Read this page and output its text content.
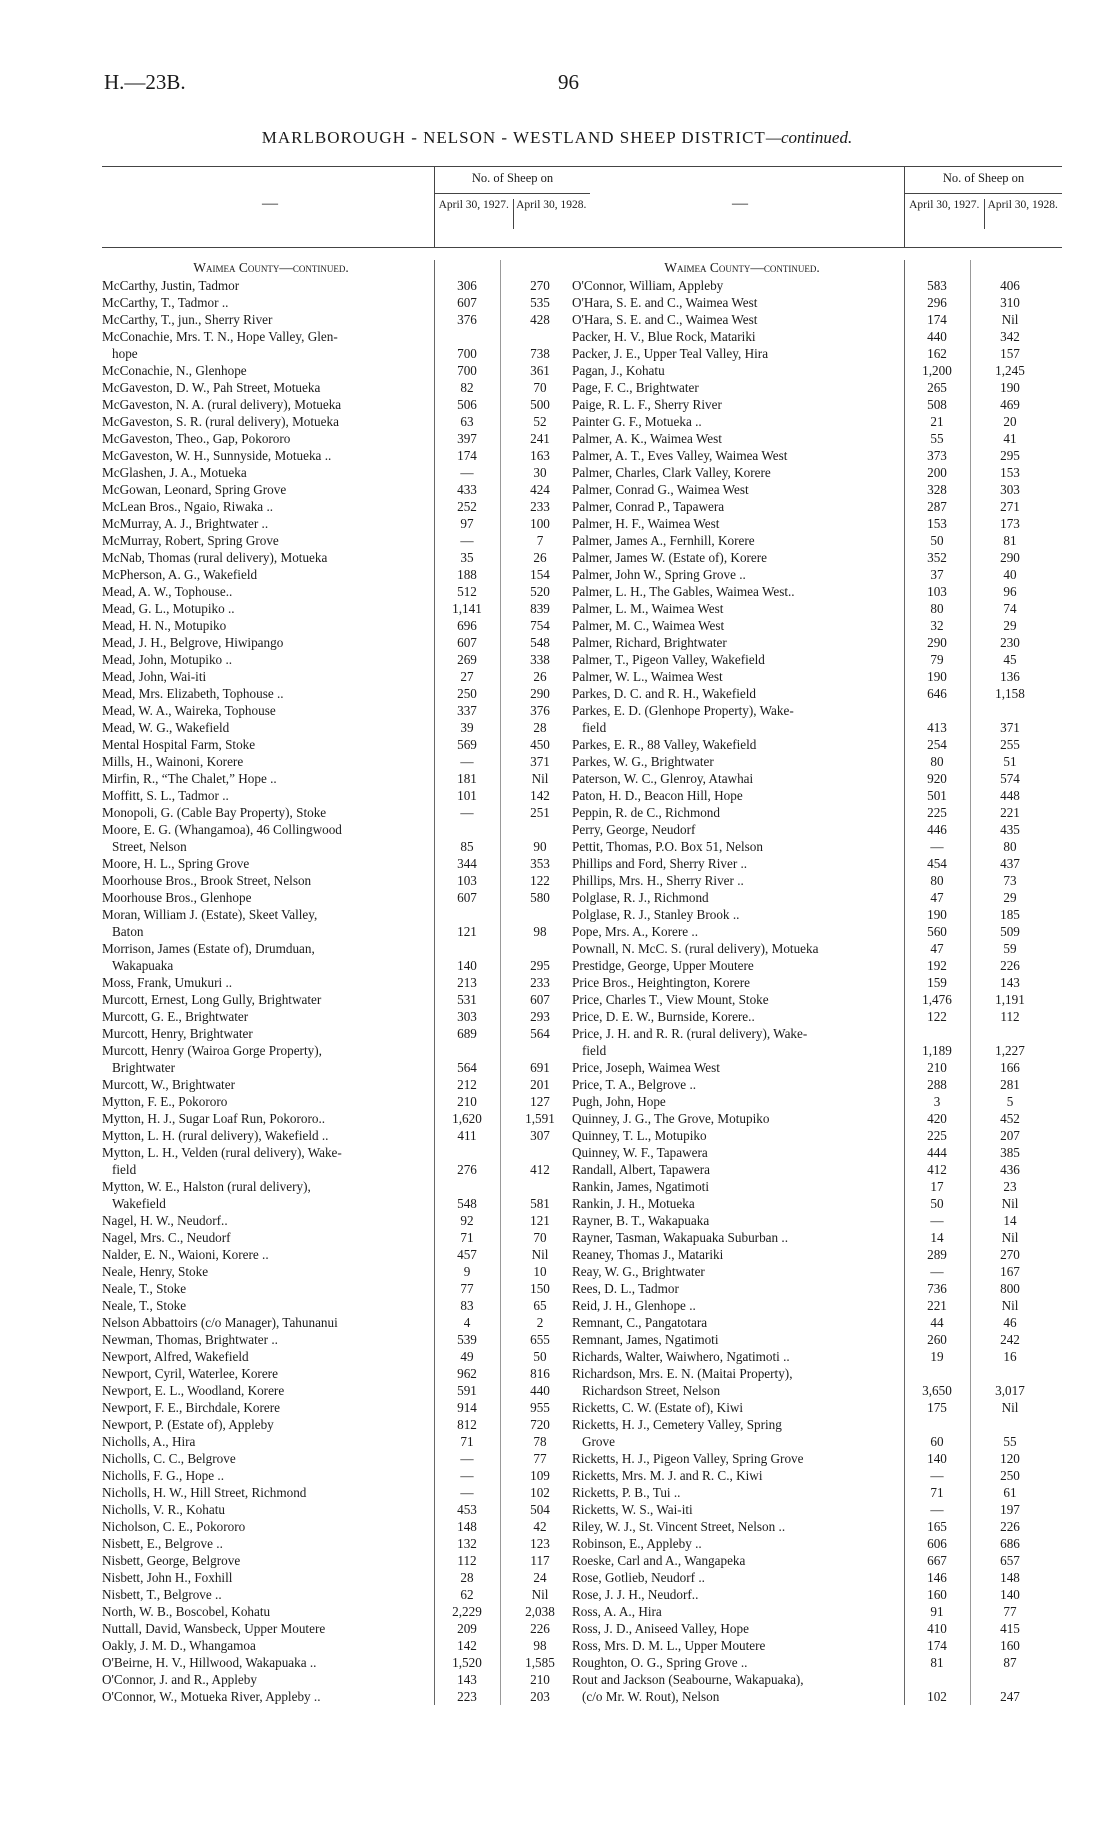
H.—23B.	96
MARLBOROUGH - NELSON - WESTLAND SHEEP DISTRICT—continued.
—
No. of Sheep on
April 30, 1927. April 30, 1928.
Waimea County—continued.
McCarthy, Justin, Tadmor	306	270
McCarthy, T., Tadmor ..	607	535
McCarthy, T., jun., Sherry River	376	428
McConachie, Mrs. T. N., Hope Valley, Glen-
hope	700	738
McConachie, N., Glenhope	700	361
McGaveston, D. W., Pah Street, Motueka	82	70
McGaveston, N. A. (rural delivery), Motueka	506	500
McGaveston, S. R. (rural delivery), Motueka	63	52
McGaveston, Theo., Gap, Pokororo	397	241
McGaveston, W. H., Sunnyside, Motueka ..	174	163
McGlashen, J. A., Motueka	—	30
McGowan, Leonard, Spring Grove	433	424
McLean Bros., Ngaio, Riwaka ..	252	233
McMurray, A. J., Brightwater ..	97	100
McMurray, Robert, Spring Grove	—	7
McNab, Thomas (rural delivery), Motueka	35	26
McPherson, A. G., Wakefield	188	154
Mead, A. W., Tophouse..	512	520
Mead, G. L., Motupiko ..	1,141	839
Mead, H. N., Motupiko	696	754
Mead, J. H., Belgrove, Hiwipango	607	548
Mead, John, Motupiko ..	269	338
Mead, John, Wai-iti	27	26
Mead, Mrs. Elizabeth, Tophouse ..	250	290
Mead, W. A., Waireka, Tophouse	337	376
Mead, W. G., Wakefield	39	28
Mental Hospital Farm, Stoke	569	450
Mills, H., Wainoni, Korere	—	371
Mirfin, R., “The Chalet,” Hope ..	181	Nil
Moffitt, S. L., Tadmor ..	101	142
Monopoli, G. (Cable Bay Property), Stoke	—	251
Moore, E. G. (Whangamoa), 46 Collingwood
Street, Nelson	85	90
Moore, H. L., Spring Grove	344	353
Moorhouse Bros., Brook Street, Nelson	103	122
Moorhouse Bros., Glenhope	607	580
Moran, William J. (Estate), Skeet Valley,
Baton	121	98
Morrison, James (Estate of), Drumduan,
Wakapuaka	140	295
Moss, Frank, Umukuri ..	213	233
Murcott, Ernest, Long Gully, Brightwater	531	607
Murcott, G. E., Brightwater	303	293
Murcott, Henry, Brightwater	689	564
Murcott, Henry (Wairoa Gorge Property),
Brightwater	564	691
Murcott, W., Brightwater	212	201
Mytton, F. E., Pokororo	210	127
Mytton, H. J., Sugar Loaf Run, Pokororo..	1,620	1,591
Mytton, L. H. (rural delivery), Wakefield ..	411	307
Mytton, L. H., Velden (rural delivery), Wake-
field	276	412
Mytton, W. E., Halston (rural delivery),
Wakefield	548	581
Nagel, H. W., Neudorf..	92	121
Nagel, Mrs. C., Neudorf	71	70
Nalder, E. N., Waioni, Korere ..	457	Nil
Neale, Henry, Stoke	9	10
Neale, T., Stoke	77	150
Neale, T., Stoke	83	65
Nelson Abbattoirs (c/o Manager), Tahunanui	4	2
Newman, Thomas, Brightwater ..	539	655
Newport, Alfred, Wakefield	49	50
Newport, Cyril, Waterlee, Korere	962	816
Newport, E. L., Woodland, Korere	591	440
Newport, F. E., Birchdale, Korere	914	955
Newport, P. (Estate of), Appleby	812	720
Nicholls, A., Hira	71	78
Nicholls, C. C., Belgrove	—	77
Nicholls, F. G., Hope ..	—	109
Nicholls, H. W., Hill Street, Richmond	—	102
Nicholls, V. R., Kohatu	453	504
Nicholson, C. E., Pokororo	148	42
Nisbett, E., Belgrove ..	132	123
Nisbett, George, Belgrove	112	117
Nisbett, John H., Foxhill	28	24
Nisbett, T., Belgrove ..	62	Nil
North, W. B., Boscobel, Kohatu	2,229	2,038
Nuttall, David, Wansbeck, Upper Moutere	209	226
Oakly, J. M. D., Whangamoa	142	98
O'Beirne, H. V., Hillwood, Wakapuaka ..	1,520	1,585
O'Connor, J. and R., Appleby	143	210
O'Connor, W., Motueka River, Appleby ..	223	203
—
No. of Sheep on
April 30, 1927. April 30, 1928.
Waimea County—continued.
O'Connor, William, Appleby	583	406
O'Hara, S. E. and C., Waimea West	296	310
O'Hara, S. E. and C., Waimea West	174	Nil
Packer, H. V., Blue Rock, Matariki	440	342
Packer, J. E., Upper Teal Valley, Hira	162	157
Pagan, J., Kohatu	1,200	1,245
Page, F. C., Brightwater	265	190
Paige, R. L. F., Sherry River	508	469
Painter G. F., Motueka ..	21	20
Palmer, A. K., Waimea West	55	41
Palmer, A. T., Eves Valley, Waimea West	373	295
Palmer, Charles, Clark Valley, Korere	200	153
Palmer, Conrad G., Waimea West	328	303
Palmer, Conrad P., Tapawera	287	271
Palmer, H. F., Waimea West	153	173
Palmer, James A., Fernhill, Korere	50	81
Palmer, James W. (Estate of), Korere	352	290
Palmer, John W., Spring Grove ..	37	40
Palmer, L. H., The Gables, Waimea West..	103	96
Palmer, L. M., Waimea West	80	74
Palmer, M. C., Waimea West	32	29
Palmer, Richard, Brightwater	290	230
Palmer, T., Pigeon Valley, Wakefield	79	45
Palmer, W. L., Waimea West	190	136
Parkes, D. C. and R. H., Wakefield	646	1,158
Parkes, E. D. (Glenhope Property), Wake-
field	413	371
Parkes, E. R., 88 Valley, Wakefield	254	255
Parkes, W. G., Brightwater	80	51
Paterson, W. C., Glenroy, Atawhai	920	574
Paton, H. D., Beacon Hill, Hope	501	448
Peppin, R. de C., Richmond	225	221
Perry, George, Neudorf	446	435
Pettit, Thomas, P.O. Box 51, Nelson	—	80
Phillips and Ford, Sherry River ..	454	437
Phillips, Mrs. H., Sherry River ..	80	73
Polglase, R. J., Richmond	47	29
Polglase, R. J., Stanley Brook ..	190	185
Pope, Mrs. A., Korere ..	560	509
Pownall, N. McC. S. (rural delivery), Motueka	47	59
Prestidge, George, Upper Moutere	192	226
Price Bros., Heightington, Korere	159	143
Price, Charles T., View Mount, Stoke	1,476	1,191
Price, D. E. W., Burnside, Korere..	122	112
Price, J. H. and R. R. (rural delivery), Wake-
field	1,189	1,227
Price, Joseph, Waimea West	210	166
Price, T. A., Belgrove ..	288	281
Pugh, John, Hope	3	5
Quinney, J. G., The Grove, Motupiko	420	452
Quinney, T. L., Motupiko	225	207
Quinney, W. F., Tapawera	444	385
Randall, Albert, Tapawera	412	436
Rankin, James, Ngatimoti	17	23
Rankin, J. H., Motueka	50	Nil
Rayner, B. T., Wakapuaka	—	14
Rayner, Tasman, Wakapuaka Suburban ..	14	Nil
Reaney, Thomas J., Matariki	289	270
Reay, W. G., Brightwater	—	167
Rees, D. L., Tadmor	736	800
Reid, J. H., Glenhope ..	221	Nil
Remnant, C., Pangatotara	44	46
Remnant, James, Ngatimoti	260	242
Richards, Walter, Waiwhero, Ngatimoti ..	19	16
Richardson, Mrs. E. N. (Maitai Property),
Richardson Street, Nelson	3,650	3,017
Ricketts, C. W. (Estate of), Kiwi	175	Nil
Ricketts, H. J., Cemetery Valley, Spring
Grove	60	55
Ricketts, H. J., Pigeon Valley, Spring Grove	140	120
Ricketts, Mrs. M. J. and R. C., Kiwi	—	250
Ricketts, P. B., Tui ..	71	61
Ricketts, W. S., Wai-iti	—	197
Riley, W. J., St. Vincent Street, Nelson ..	165	226
Robinson, E., Appleby ..	606	686
Roeske, Carl and A., Wangapeka	667	657
Rose, Gotlieb, Neudorf ..	146	148
Rose, J. J. H., Neudorf..	160	140
Ross, A. A., Hira	91	77
Ross, J. D., Aniseed Valley, Hope	410	415
Ross, Mrs. D. M. L., Upper Moutere	174	160
Roughton, O. G., Spring Grove ..	81	87
Rout and Jackson (Seabourne, Wakapuaka),
(c/o Mr. W. Rout), Nelson	102	247
